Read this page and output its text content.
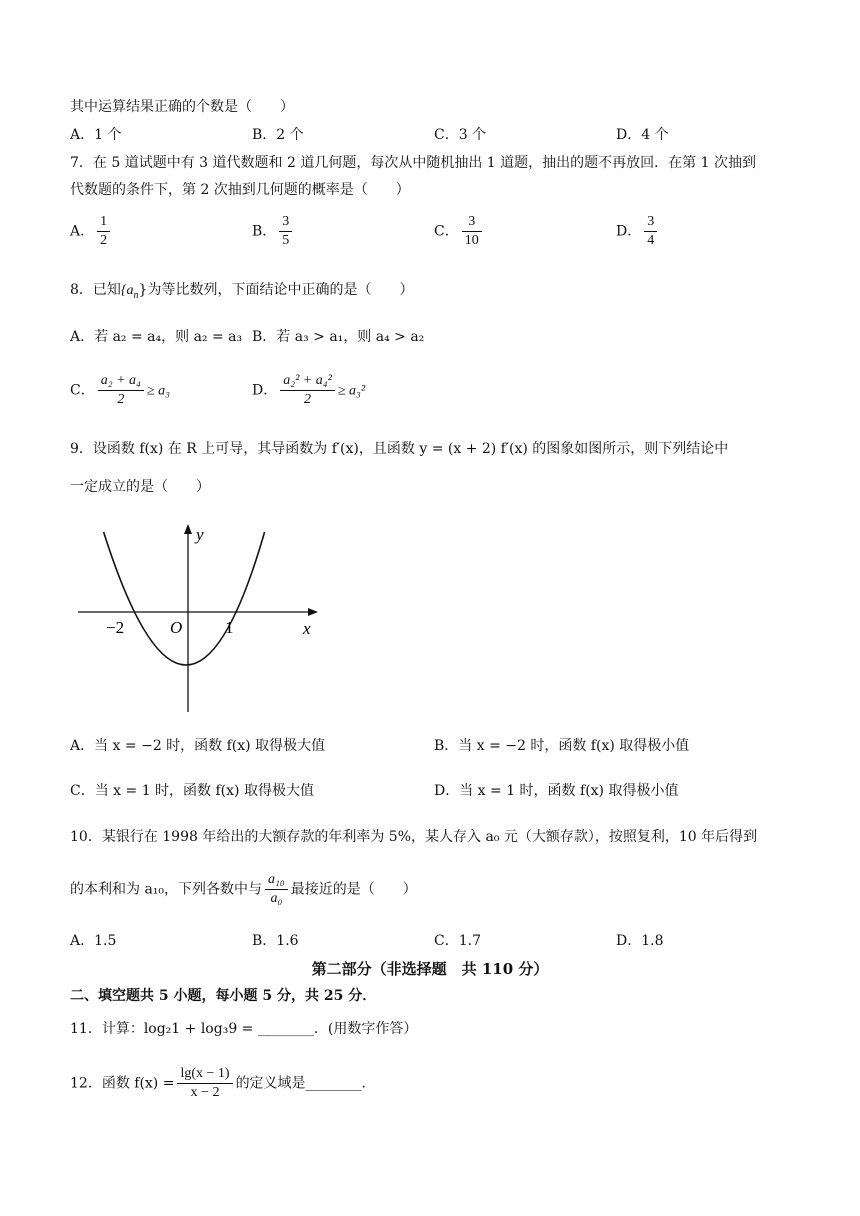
其中运算结果正确的个数是（　　）
A．1 个	B．2 个	C．3 个	D．4 个
7．在 5 道试题中有 3 道代数题和 2 道几何题，每次从中随机抽出 1 道题，抽出的题不再放回．在第 1 次抽到
代数题的条件下，第 2 次抽到几何题的概率是（　　）
A． $\frac{1}{2}$	B． $\frac{3}{5}$	C． $\frac{3}{10}$	D． $\frac{3}{4}$
8．已知$\{a_n\}$为等比数列，下面结论中正确的是（　　）
A．若 a₂ = a₄，则 a₂ = a₃ B．若 a₃ > a₁，则 a₄ > a₂
C． $\frac{\text{a₂ + a₄}}{2} \ge a_3$	D． $\frac{\text{a₂² + a₄²}}{2} \ge a_3^2$
9．设函数 f(x) 在 R 上可导，其导函数为 f′(x)，且函数 y = (x + 2) f′(x) 的图象如图所示，则下列结论中
一定成立的是（　　）
y
x
O
−2	1
A．当 x = −2 时，函数 f(x) 取得极大值	B．当 x = −2 时，函数 f(x) 取得极小值
C．当 x = 1 时，函数 f(x) 取得极大值	D．当 x = 1 时，函数 f(x) 取得极小值
10．某银行在 1998 年给出的大额存款的年利率为 5%，某人存入 a₀ 元（大额存款），按照复利，10 年后得到
的本利和为 a₁₀，下列各数中与 $\frac{\text{a₁₀}}{\text{a₀}}$ 最接近的是（　　）
A．1.5	B．1.6	C．1.7	D．1.8
第二部分（非选择题　共 110 分）
二、填空题共 5 小题，每小题 5 分，共 25 分．
11．计算：log₂1 + log₃9 = ________．(用数字作答）
12．函数 $f(x) = \frac{\lg(x - 1)}{x - 2}$ 的定义域是________.
